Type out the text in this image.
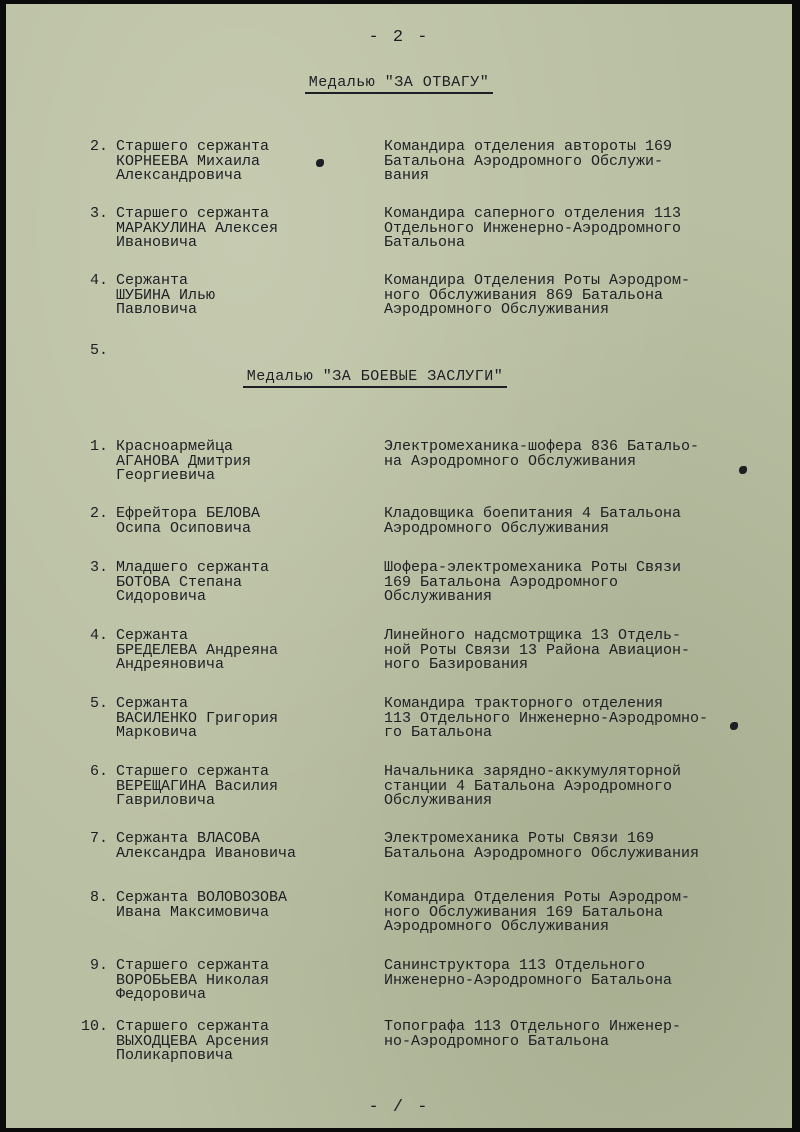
- 2 -
Медалью "ЗА ОТВАГУ"
2. Старшего сержанта
КОРНЕЕВА Михаила
Александровича
Командира отделения автороты 169
Батальона Аэродромного Обслужи-
вания
3. Старшего сержанта
МАРАКУЛИНА Алексея
Ивановича
Командира саперного отделения 113
Отдельного Инженерно-Аэродромного
Батальона
4. Сержанта
ШУБИНА Илью
Павловича
Командира Отделения Роты Аэродром-
ного Обслуживания 869 Батальона
Аэродромного Обслуживания
5.
Медалью "ЗА БОЕВЫЕ ЗАСЛУГИ"
1. Красноармейца
АГАНОВА Дмитрия
Георгиевича
Электромеханика-шофера 836 Батальо-
на Аэродромного Обслуживания
2. Ефрейтора БЕЛОВА
Осипа Осиповича
Кладовщика боепитания 4 Батальона
Аэродромного Обслуживания
3. Младшего сержанта
БОТОВА Степана
Сидоровича
Шофера-электромеханика Роты Связи
169 Батальона Аэродромного
Обслуживания
4. Сержанта
БРЕДЕЛЕВА Андреяна
Андреяновича
Линейного надсмотрщика 13 Отдель-
ной Роты Связи 13 Района Авиацион-
ного Базирования
5. Сержанта
ВАСИЛЕНКО Григория
Марковича
Командира тракторного отделения
113 Отдельного Инженерно-Аэродромно-
го Батальона
6. Старшего сержанта
ВЕРЕЩАГИНА Василия
Гавриловича
Начальника зарядно-аккумуляторной
станции 4 Батальона Аэродромного
Обслуживания
7. Сержанта ВЛАСОВА
Александра Ивановича
Электромеханика Роты Связи 169
Батальона Аэродромного Обслуживания
8. Сержанта ВОЛОВОЗОВА
Ивана Максимовича
Командира Отделения Роты Аэродром-
ного Обслуживания 169 Батальона
Аэродромного Обслуживания
9. Старшего сержанта
ВОРОБЬЕВА Николая
Федоровича
Санинструктора 113 Отдельного
Инженерно-Аэродромного Батальона
10. Старшего сержанта
ВЫХОДЦЕВА Арсения
Поликарповича
Топографа 113 Отдельного Инженер-
но-Аэродромного Батальона
- / -
